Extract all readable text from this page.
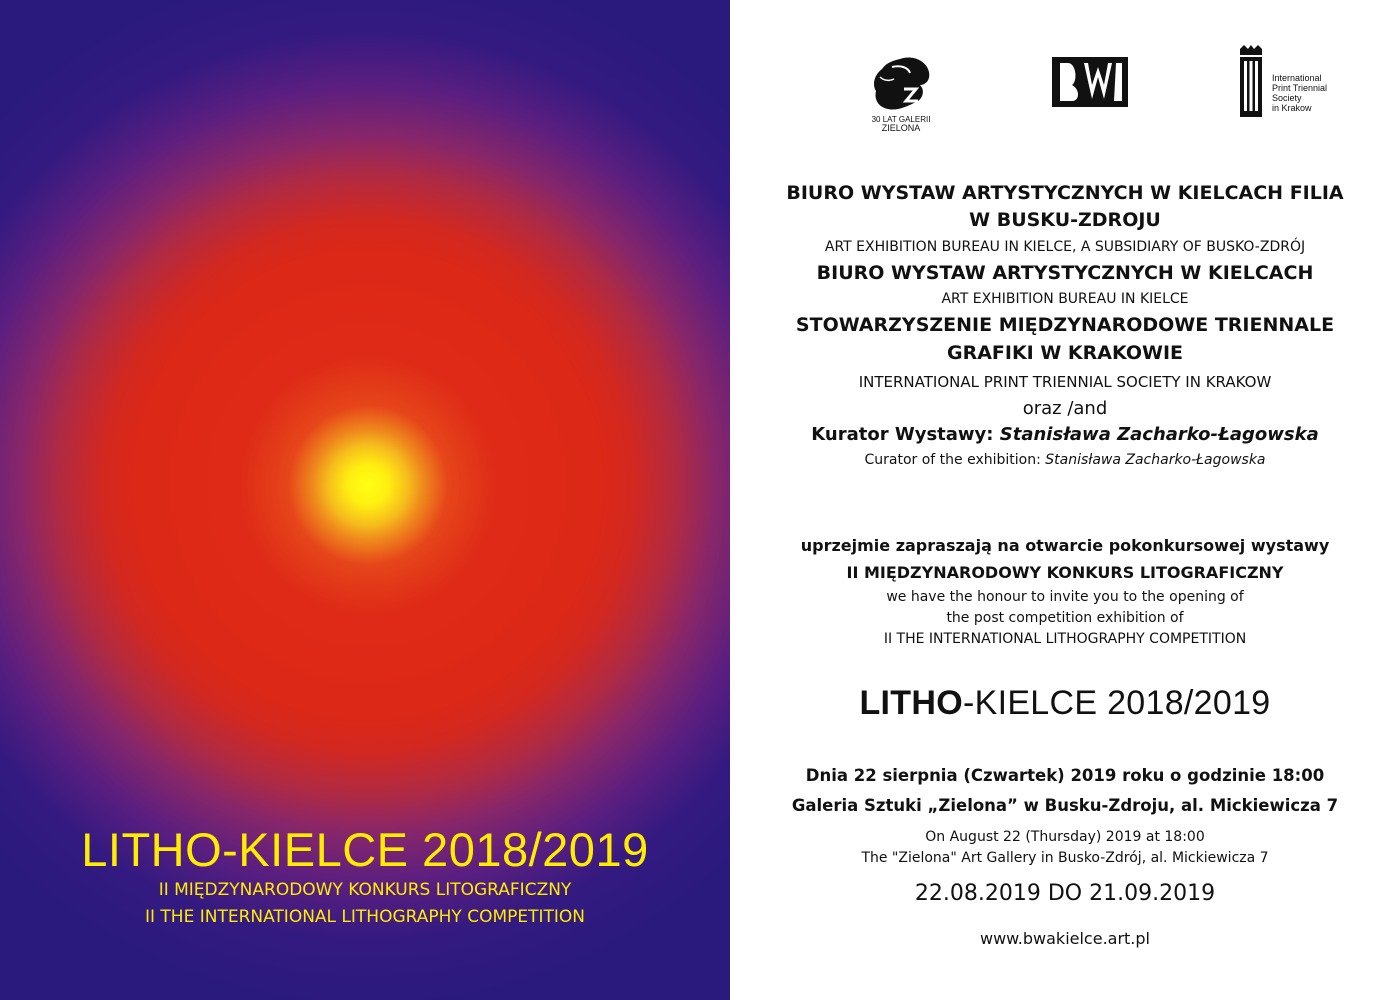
LITHO-KIELCE 2018/2019
II MIĘDZYNARODOWY KONKURS LITOGRAFICZNY
II THE INTERNATIONAL LITHOGRAPHY COMPETITION
30 LAT GALERII
ZIELONA
International
Print Triennial
Society
in Krakow
BIURO WYSTAW ARTYSTYCZNYCH W KIELCACH FILIA
W BUSKU-ZDROJU
ART EXHIBITION BUREAU IN KIELCE, A SUBSIDIARY OF BUSKO-ZDRÓJ
BIURO WYSTAW ARTYSTYCZNYCH W KIELCACH
ART EXHIBITION BUREAU IN KIELCE
STOWARZYSZENIE MIĘDZYNARODOWE TRIENNALE
GRAFIKI W KRAKOWIE
INTERNATIONAL PRINT TRIENNIAL SOCIETY IN KRAKOW
oraz /and
Kurator Wystawy: Stanisława Zacharko-Łagowska
Curator of the exhibition: Stanisława Zacharko-Łagowska
uprzejmie zapraszają na otwarcie pokonkursowej wystawy
II MIĘDZYNARODOWY KONKURS LITOGRAFICZNY
we have the honour to invite you to the opening of
the post competition exhibition of
II THE INTERNATIONAL LITHOGRAPHY COMPETITION
LITHO-KIELCE 2018/2019
Dnia 22 sierpnia (Czwartek) 2019 roku o godzinie 18:00
Galeria Sztuki „Zielona” w Busku-Zdroju, al. Mickiewicza 7
On August 22 (Thursday) 2019 at 18:00
The "Zielona" Art Gallery in Busko-Zdrój, al. Mickiewicza 7
22.08.2019 DO 21.09.2019
www.bwakielce.art.pl
